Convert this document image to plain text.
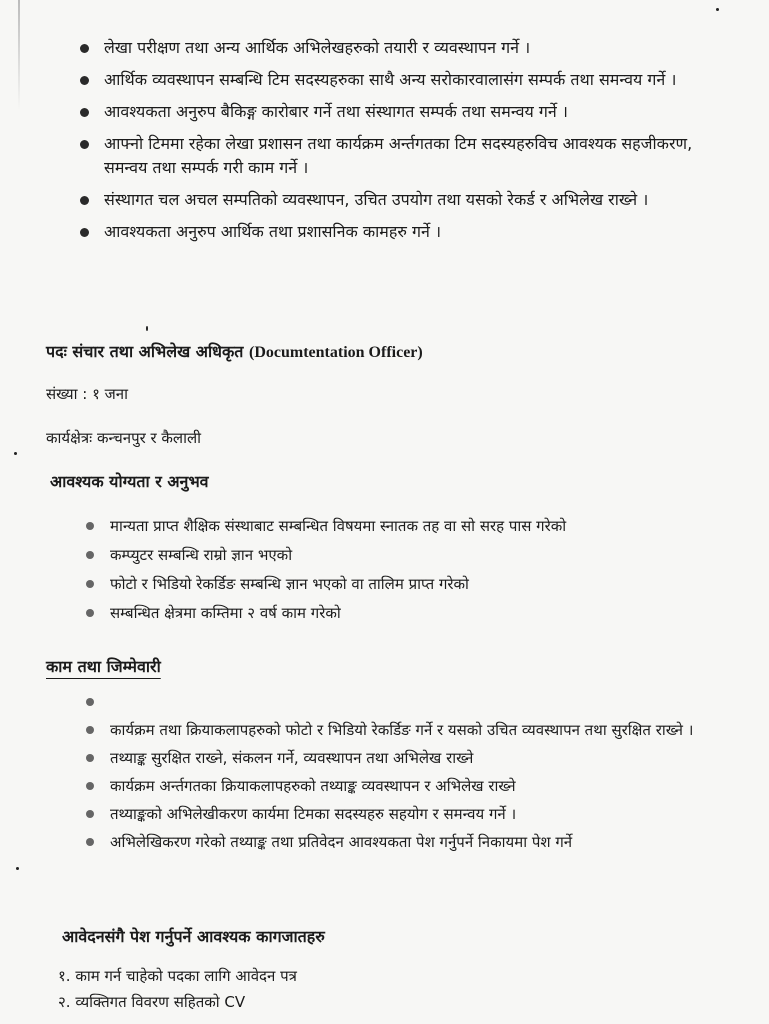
लेखा परीक्षण तथा अन्य आर्थिक अभिलेखहरुको तयारी र व्यवस्थापन गर्ने ।
आर्थिक व्यवस्थापन सम्बन्धि टिम सदस्यहरुका साथै अन्य सरोकारवालासंग सम्पर्क तथा समन्वय गर्ने ।
आवश्यकता अनुरुप बैकिङ्ग कारोबार गर्ने तथा संस्थागत सम्पर्क तथा समन्वय गर्ने ।
आफ्नो टिममा रहेका लेखा प्रशासन तथा कार्यक्रम अर्न्तगतका टिम सदस्यहरुविच आवश्यक सहजीकरण, समन्वय तथा सम्पर्क गरी काम गर्ने ।
संस्थागत चल अचल सम्पतिको व्यवस्थापन, उचित उपयोग तथा यसको रेकर्ड र अभिलेख राख्ने ।
आवश्यकता अनुरुप आर्थिक तथा प्रशासनिक कामहरु गर्ने ।
पदः संचार तथा अभिलेख अधिकृत (Documtentation Officer)
संख्या : १ जना
कार्यक्षेत्रः कन्चनपुर र कैलाली
आवश्यक योग्यता र अनुभव
मान्यता प्राप्त शैक्षिक संस्थाबाट सम्बन्धित विषयमा स्नातक तह वा सो सरह पास गरेको
कम्प्युटर सम्बन्धि राम्रो ज्ञान भएको
फोटो र भिडियो रेकर्डिङ सम्बन्धि ज्ञान भएको वा तालिम प्राप्त गरेको
सम्बन्धित क्षेत्रमा कम्तिमा २ वर्ष काम गरेको
काम तथा जिम्मेवारी
कार्यक्रम तथा क्रियाकलापहरुको फोटो र भिडियो रेकर्डिङ गर्ने र यसको उचित व्यवस्थापन तथा सुरक्षित राख्ने ।
तथ्याङ्क सुरक्षित राख्ने, संकलन गर्ने, व्यवस्थापन तथा अभिलेख राख्ने
कार्यक्रम अर्न्तगतका क्रियाकलापहरुको तथ्याङ्क व्यवस्थापन र अभिलेख राख्ने
तथ्याङ्कको अभिलेखीकरण कार्यमा टिमका सदस्यहरु सहयोग र समन्वय गर्ने ।
अभिलेखिकरण गरेको तथ्याङ्क तथा प्रतिवेदन आवश्यकता पेश गर्नुपर्ने निकायमा पेश गर्ने
आवेदनसंगै पेश गर्नुपर्ने आवश्यक कागजातहरु
१. काम गर्न चाहेको पदका लागि आवेदन पत्र
२. व्यक्तिगत विवरण सहितको CV
